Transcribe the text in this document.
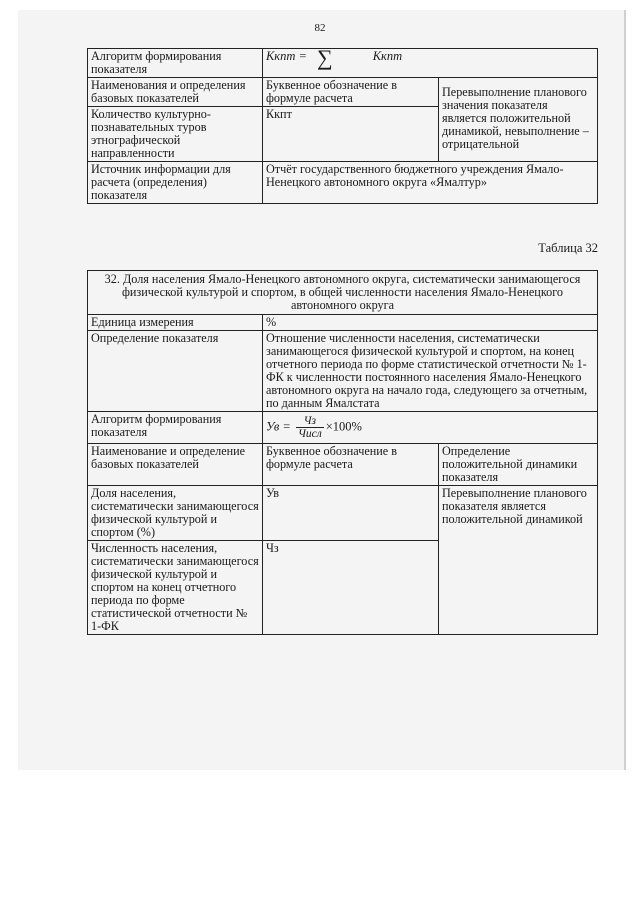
82
Алгоритм формирования показателя	Ккпт = ∑ Ккпт	
Наименования и определения базовых показателей	Буквенное обозначение в формуле расчета	Перевыполнение планового значения показателя является положительной динамикой, невыполнение – отрицательной
Количество культурно-познавательных туров этнографической направленности	Ккпт	
Источник информации для расчета (определения) показателя	Отчёт государственного бюджетного учреждения Ямало-Ненецкого автономного округа «Ямалтур»	
Таблица 32
32. Доля населения Ямало-Ненецкого автономного округа, систематически занимающегося физической культурой и спортом, в общей численности населения Ямало-Ненецкого автономного округа		
Единица измерения	%	
Определение показателя	Отношение численности населения, систематически занимающегося физической культурой и спортом, на конец отчетного периода по форме статистической отчетности № 1-ФК к численности постоянного населения Ямало-Ненецкого автономного округа на начало года, следующего за отчетным, по данным Ямалстата	
Алгоритм формирования показателя	Ув = $\frac{Чз}{\text{Числ}} \times 100\%$	
Наименование и определение базовых показателей	Буквенное обозначение в формуле расчета	Определение положительной динамики показателя
Доля населения, систематически занимающегося физической культурой и спортом (%)	Ув	Перевыполнение планового показателя является положительной динамикой
Численность населения, систематически занимающегося физической культурой и спортом на конец отчетного периода по форме статистической отчетности № 1-ФК	Чз	
